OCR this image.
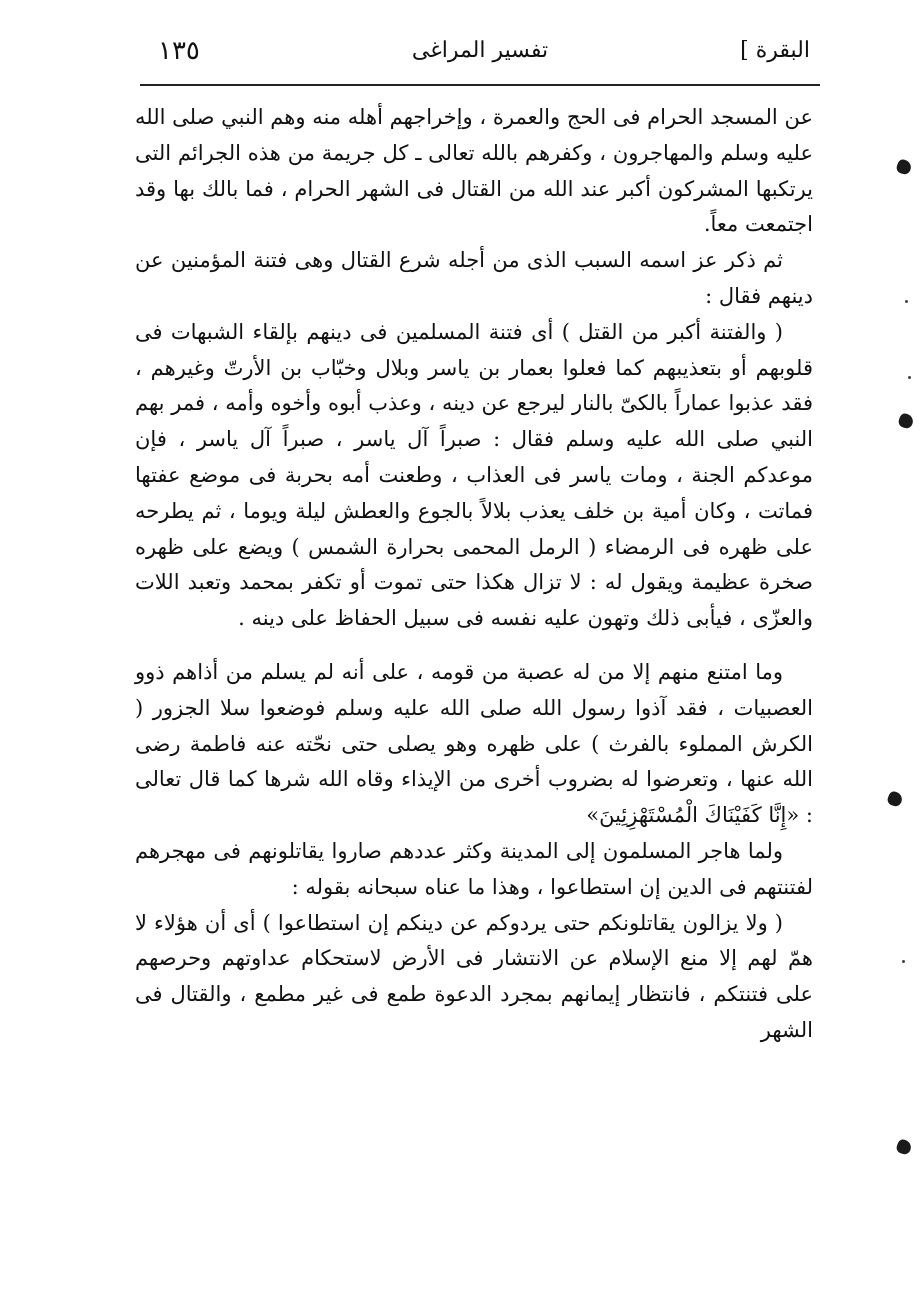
البقرة ]
تفسير المراغى
١٣٥

عن المسجد الحرام فى الحج والعمرة ، وإخراجهم أهله منه وهم النبي صلى الله عليه وسلم والمهاجرون ، وكفرهم بالله تعالى ـ كل جريمة من هذه الجرائم التى يرتكبها المشركون أكبر عند الله من القتال فى الشهر الحرام ، فما بالك بها وقد اجتمعت معاً.

ثم ذكر عز اسمه السبب الذى من أجله شرع القتال وهى فتنة المؤمنين عن دينهم فقال :

( والفتنة أكبر من القتل ) أى فتنة المسلمين فى دينهم بإلقاء الشبهات فى قلوبهم أو بتعذيبهم كما فعلوا بعمار بن ياسر وبلال وخبّاب بن الأرتّ وغيرهم ، فقد عذبوا عماراً بالكىّ بالنار ليرجع عن دينه ، وعذب أبوه وأخوه وأمه ، فمر بهم النبي صلى الله عليه وسلم فقال : صبراً آل ياسر ، صبراً آل ياسر ، فإن موعدكم الجنة ، ومات ياسر فى العذاب ، وطعنت أمه بحربة فى موضع عفتها فماتت ، وكان أمية بن خلف يعذب بلالاً بالجوع والعطش ليلة ويوما ، ثم يطرحه على ظهره فى الرمضاء ( الرمل المحمى بحرارة الشمس ) ويضع على ظهره صخرة عظيمة ويقول له : لا تزال هكذا حتى تموت أو تكفر بمحمد وتعبد اللات والعزّى ، فيأبى ذلك وتهون عليه نفسه فى سبيل الحفاظ على دينه .

وما امتنع منهم إلا من له عصبة من قومه ، على أنه لم يسلم من أذاهم ذوو العصبيات ، فقد آذوا رسول الله صلى الله عليه وسلم فوضعوا سلا الجزور ( الكرش المملوء بالفرث ) على ظهره وهو يصلى حتى نحّته عنه فاطمة رضى الله عنها ، وتعرضوا له بضروب أخرى من الإيذاء وقاه الله شرها كما قال تعالى : «إِنَّا كَفَيْنَاكَ الْمُسْتَهْزِئِينَ»

ولما هاجر المسلمون إلى المدينة وكثر عددهم صاروا يقاتلونهم فى مهجرهم لفتنتهم فى الدين إن استطاعوا ، وهذا ما عناه سبحانه بقوله :

( ولا يزالون يقاتلونكم حتى يردوكم عن دينكم إن استطاعوا ) أى أن هؤلاء لا همّ لهم إلا منع الإسلام عن الانتشار فى الأرض لاستحكام عداوتهم وحرصهم على فتنتكم ، فانتظار إيمانهم بمجرد الدعوة طمع فى غير مطمع ، والقتال فى الشهر
